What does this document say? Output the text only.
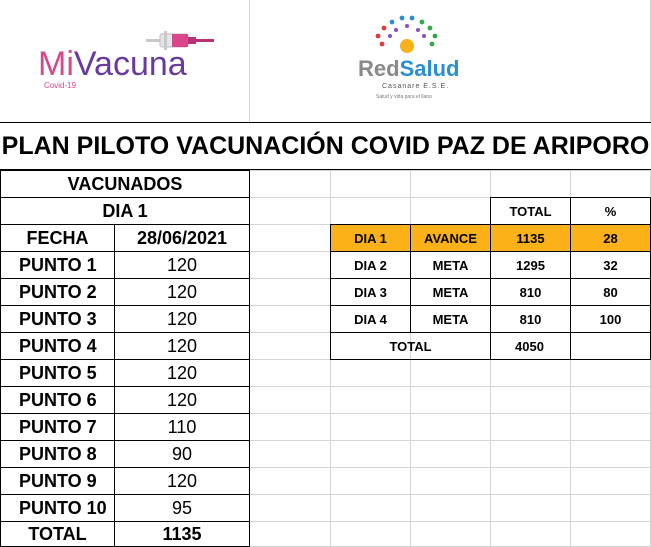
MiVacuna
Covid-19
RedSalud
Casanare E.S.E.
Salud y vida para el llano
PLAN PILOTO VACUNACIÓN COVID PAZ DE ARIPORO
VACUNADOS
DIA 1
FECHA	28/06/2021
PUNTO 1	120
PUNTO 2	120
PUNTO 3	120
PUNTO 4	120
PUNTO 5	120
PUNTO 6	120
PUNTO 7	110
PUNTO 8	90
PUNTO 9	120
PUNTO 10	95
TOTAL	1135
TOTAL	%
DIA 1	AVANCE	1135	28
DIA 2	META	1295	32
DIA 3	META	810	80
DIA 4	META	810	100
TOTAL	4050
